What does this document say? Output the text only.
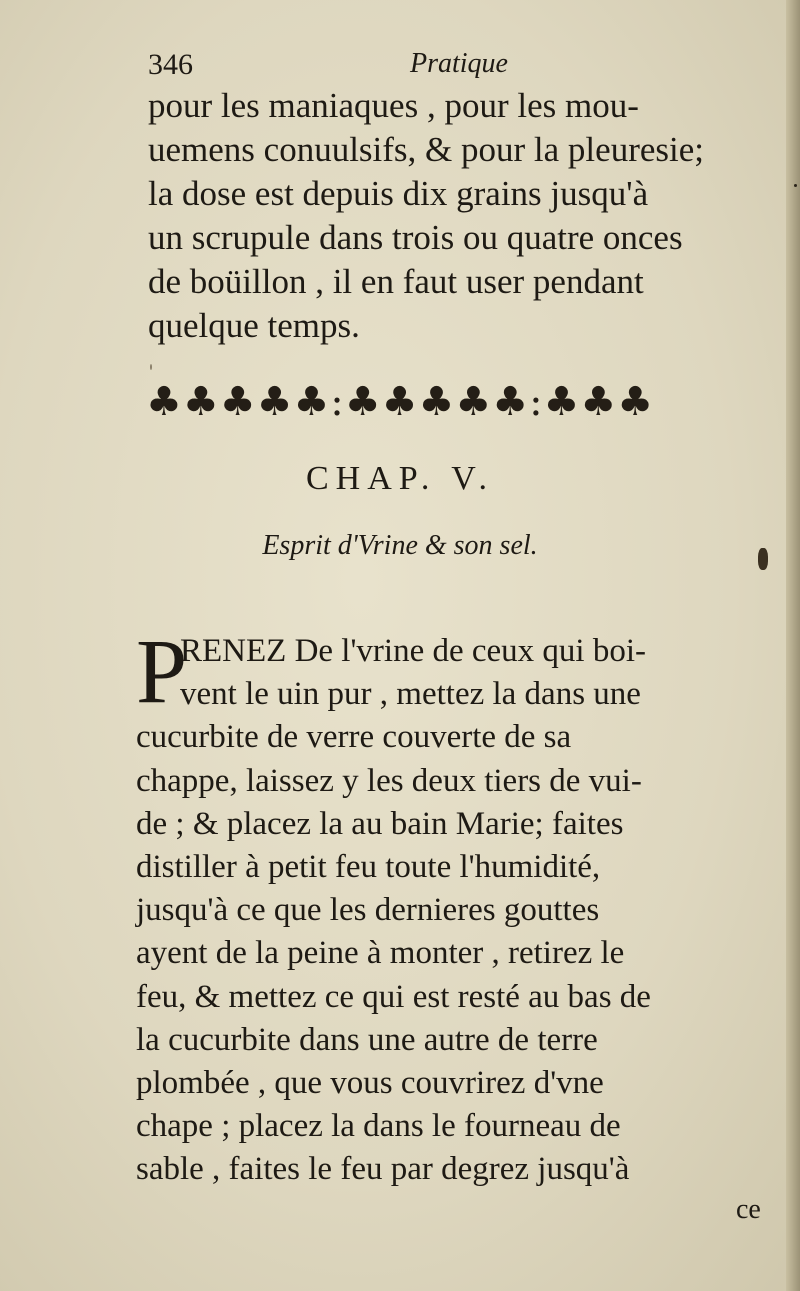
346	Pratique
pour les maniaques , pour les mou-
uemens conuulsifs, & pour la pleuresie;
la dose est depuis dix grains jusqu'à
un scrupule dans trois ou quatre onces
de boüillon , il en faut user pendant
quelque temps.
♣♣♣♣♣:♣♣♣♣♣:♣♣♣
CHAP. V.
Esprit d'Vrine & son sel.
P
RENEZ De l'vrine de ceux qui boi-
vent le uin pur , mettez la dans une
cucurbite de verre couverte de sa
chappe, laissez y les deux tiers de vui-
de ; & placez la au bain Marie; faites
distiller à petit feu toute l'humidité,
jusqu'à ce que les dernieres gouttes
ayent de la peine à monter , retirez le
feu, & mettez ce qui est resté au bas de
la cucurbite dans une autre de terre
plombée , que vous couvrirez d'vne
chape ; placez la dans le fourneau de
sable , faites le feu par degrez jusqu'à
ce
